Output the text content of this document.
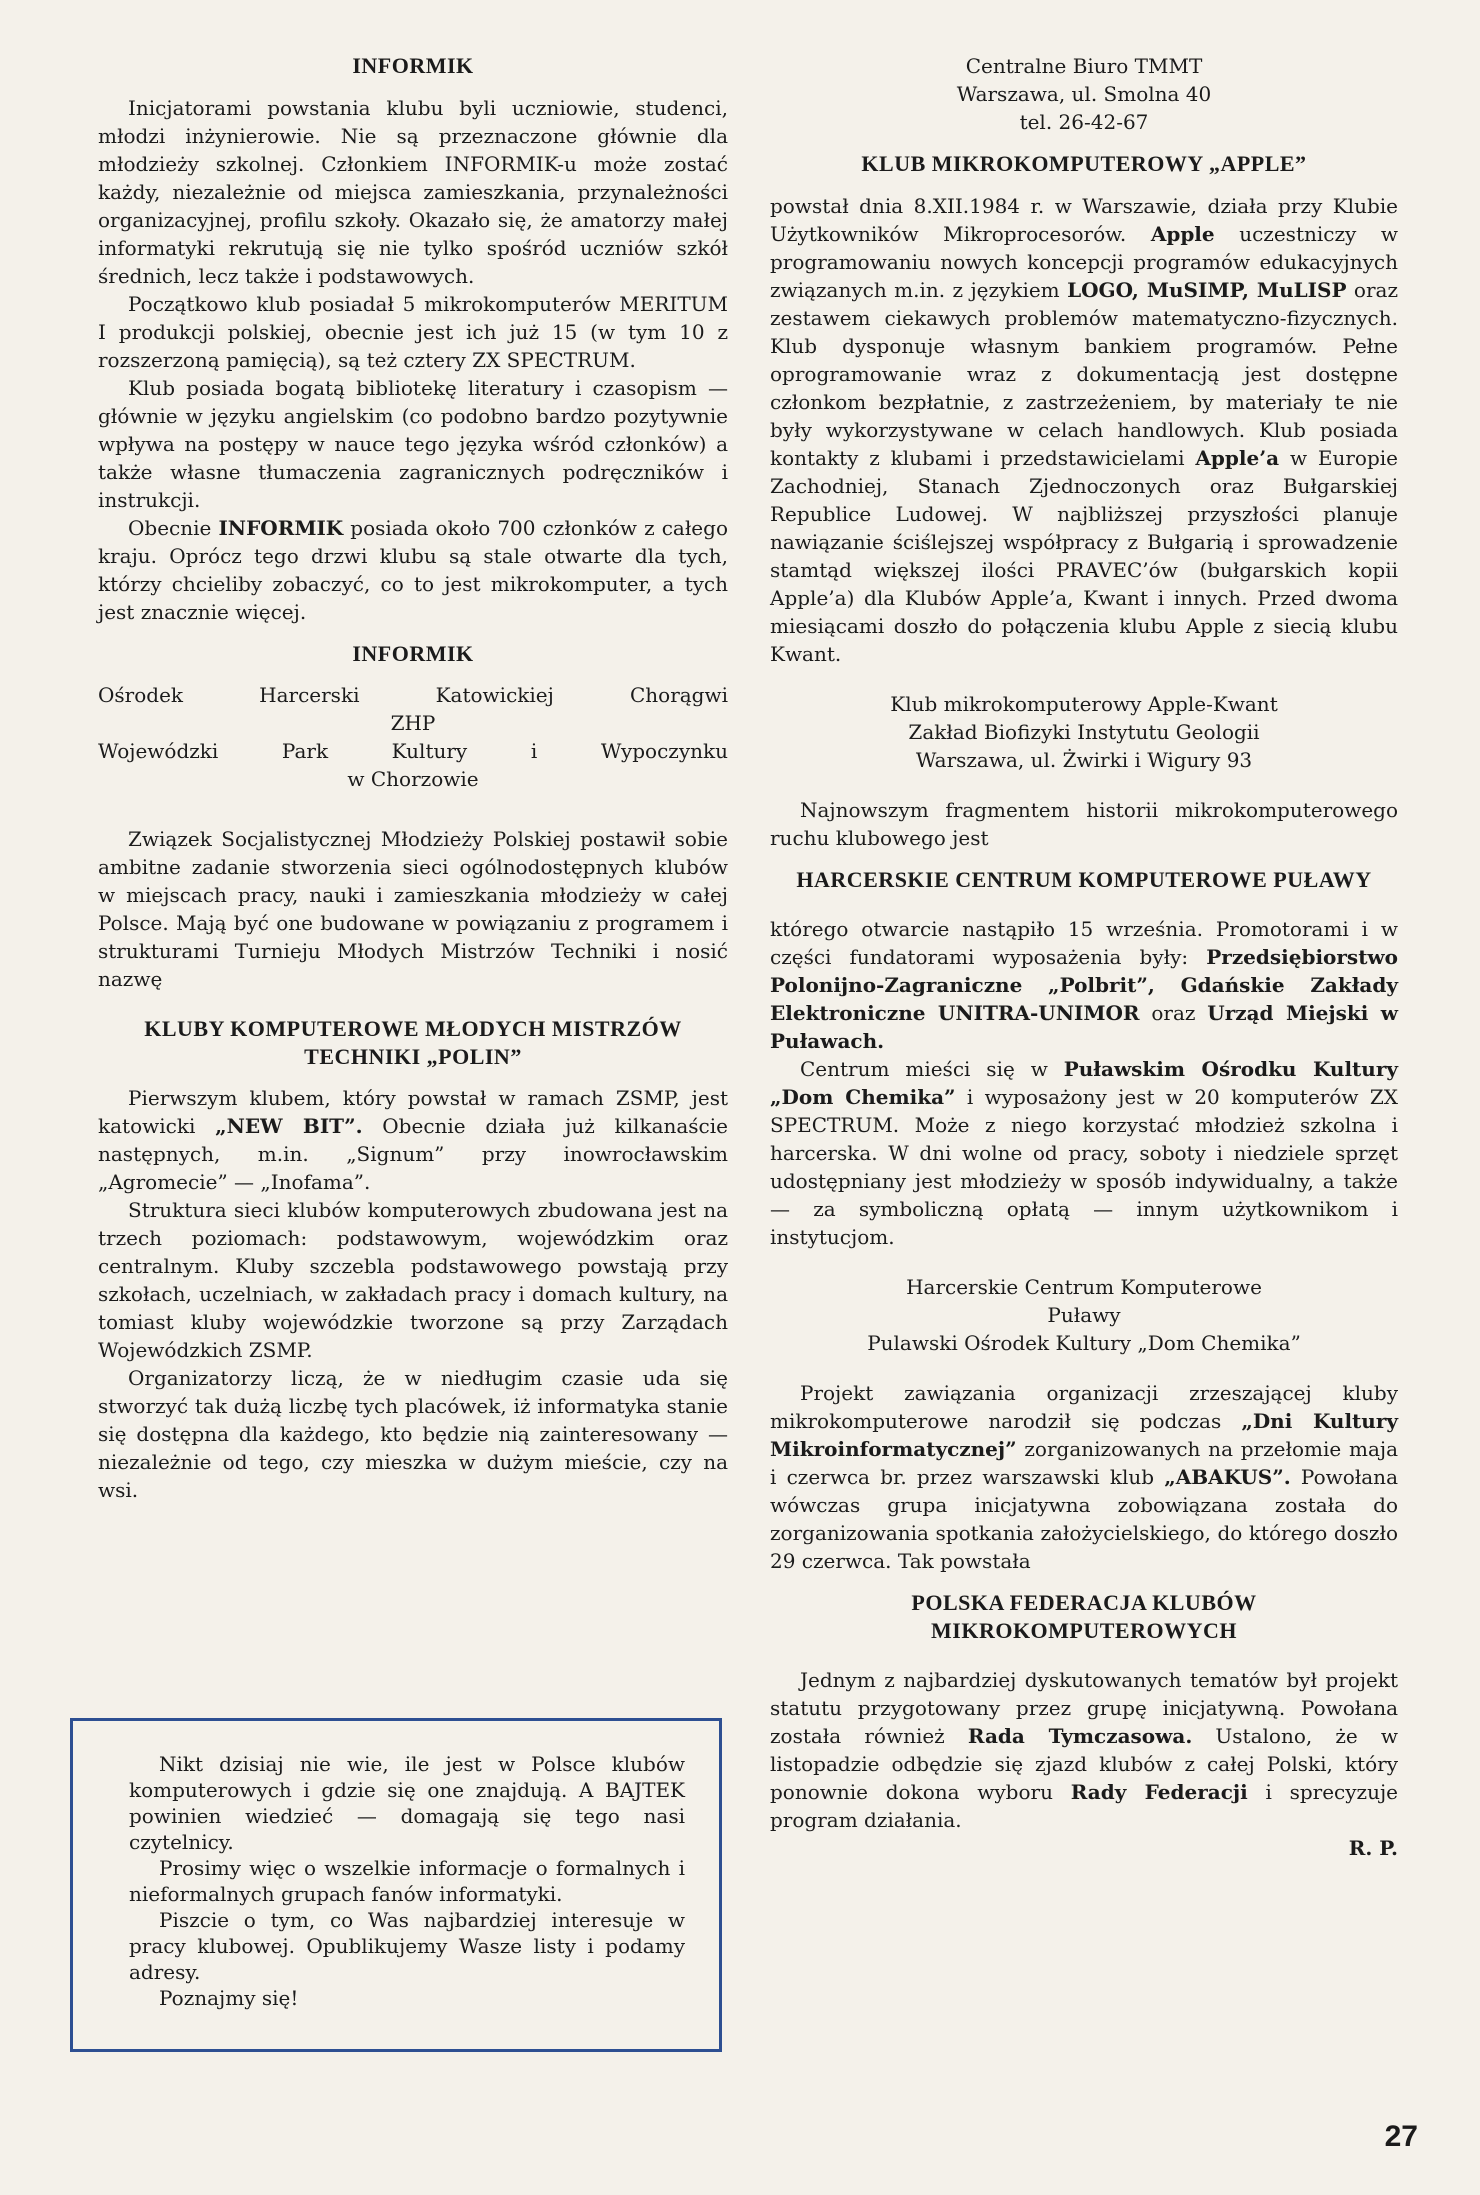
INFORMIK

Inicjatorami powstania klubu byli uczniowie, studenci, młodzi inżynierowie. Nie są przeznaczone głównie dla młodzieży szkolnej. Członkiem INFORMIK-u może zostać każdy, niezależnie od miejsca zamieszkania, przynależności organizacyjnej, profilu szkoły. Okazało się, że amatorzy małej informatyki rekrutują się nie tylko spośród uczniów szkół średnich, lecz także i podstawowych.

Początkowo klub posiadał 5 mikrokomputerów MERITUM I produkcji polskiej, obecnie jest ich już 15 (w tym 10 z rozszerzoną pamięcią), są też cztery ZX SPECTRUM.

Klub posiada bogatą bibliotekę literatury i czasopism — głównie w języku angielskim (co podobno bardzo pozytywnie wpływa na postępy w nauce tego języka wśród członków) a także własne tłumaczenia zagranicznych podręczników i instrukcji.

Obecnie INFORMIK posiada około 700 członków z całego kraju. Oprócz tego drzwi klubu są stale otwarte dla tych, którzy chcieliby zobaczyć, co to jest mikrokomputer, a tych jest znacznie więcej.

INFORMIK

Ośrodek Harcerski Katowickiej Chorągwi

ZHP

Wojewódzki Park Kultury i Wypoczynku

w Chorzowie

Związek Socjalistycznej Młodzieży Polskiej postawił sobie ambitne zadanie stworzenia sieci ogólnodostępnych klubów w miejscach pracy, nauki i zamieszkania młodzieży w całej Polsce. Mają być one budowane w powiązaniu z programem i strukturami Turnieju Młodych Mistrzów Techniki i nosić nazwę

KLUBY KOMPUTEROWE MŁODYCH MISTRZÓW TECHNIKI „POLIN”

Pierwszym klubem, który powstał w ramach ZSMP, jest katowicki „NEW BIT”. Obecnie działa już kilkanaście następnych, m.in. „Signum” przy inowrocławskim „Agromecie” — „Inofama”.

Struktura sieci klubów komputerowych zbudowana jest na trzech poziomach: podstawowym, wojewódzkim oraz centralnym. Kluby szczebla podstawowego powstają przy szkołach, uczelniach, w zakładach pracy i domach kultury, na tomiast kluby wojewódzkie tworzone są przy Zarządach Wojewódzkich ZSMP.

Organizatorzy liczą, że w niedługim czasie uda się stworzyć tak dużą liczbę tych placówek, iż informatyka stanie się dostępna dla każdego, kto będzie nią zainteresowany — niezależnie od tego, czy mieszka w dużym mieście, czy na wsi.

Nikt dzisiaj nie wie, ile jest w Polsce klubów komputerowych i gdzie się one znajdują. A BAJTEK powinien wiedzieć — domagają się tego nasi czytelnicy.

Prosimy więc o wszelkie informacje o formalnych i nieformalnych grupach fanów informatyki.

Piszcie o tym, co Was najbardziej interesuje w pracy klubowej. Opublikujemy Wasze listy i podamy adresy.

Poznajmy się!

Centralne Biuro TMMT

Warszawa, ul. Smolna 40

tel. 26-42-67

KLUB MIKROKOMPUTEROWY „APPLE”

powstał dnia 8.XII.1984 r. w Warszawie, działa przy Klubie Użytkowników Mikroprocesorów. Apple uczestniczy w programowaniu nowych koncepcji programów edukacyjnych związanych m.in. z językiem LOGO, MuSIMP, MuLISP oraz zestawem ciekawych problemów matematyczno-fizycznych. Klub dysponuje własnym bankiem programów. Pełne oprogramowanie wraz z dokumentacją jest dostępne członkom bezpłatnie, z zastrzeżeniem, by materiały te nie były wykorzystywane w celach handlowych. Klub posiada kontakty z klubami i przedstawicielami Apple’a w Europie Zachodniej, Stanach Zjednoczonych oraz Bułgarskiej Republice Ludowej. W najbliższej przyszłości planuje nawiązanie ściślejszej współpracy z Bułgarią i sprowadzenie stamtąd większej ilości PRAVEC’ów (bułgarskich kopii Apple’a) dla Klubów Apple’a, Kwant i innych. Przed dwoma miesiącami doszło do połączenia klubu Apple z siecią klubu Kwant.

Klub mikrokomputerowy Apple-Kwant

Zakład Biofizyki Instytutu Geologii

Warszawa, ul. Żwirki i Wigury 93

Najnowszym fragmentem historii mikrokomputerowego ruchu klubowego jest

HARCERSKIE CENTRUM KOMPUTEROWE PUŁAWY

którego otwarcie nastąpiło 15 września. Promotorami i w części fundatorami wyposażenia były: Przedsiębiorstwo Polonijno-Zagraniczne „Polbrit”, Gdańskie Zakłady Elektroniczne UNITRA-UNIMOR oraz Urząd Miejski w Puławach.

Centrum mieści się w Puławskim Ośrodku Kultury „Dom Chemika” i wyposażony jest w 20 komputerów ZX SPECTRUM. Może z niego korzystać młodzież szkolna i harcerska. W dni wolne od pracy, soboty i niedziele sprzęt udostępniany jest młodzieży w sposób indywidualny, a także — za symboliczną opłatą — innym użytkownikom i instytucjom.

Harcerskie Centrum Komputerowe

Puławy

Pulawski Ośrodek Kultury „Dom Chemika”

Projekt zawiązania organizacji zrzeszającej kluby mikrokomputerowe narodził się podczas „Dni Kultury Mikroinformatycznej” zorganizowanych na przełomie maja i czerwca br. przez warszawski klub „ABAKUS”. Powołana wówczas grupa inicjatywna zobowiązana została do zorganizowania spotkania założycielskiego, do którego doszło 29 czerwca. Tak powstała

POLSKA FEDERACJA KLUBÓW MIKROKOMPUTEROWYCH

Jednym z najbardziej dyskutowanych tematów był projekt statutu przygotowany przez grupę inicjatywną. Powołana została również Rada Tymczasowa. Ustalono, że w listopadzie odbędzie się zjazd klubów z całej Polski, który ponownie dokona wyboru Rady Federacji i sprecyzuje program działania.

R. P.
27
